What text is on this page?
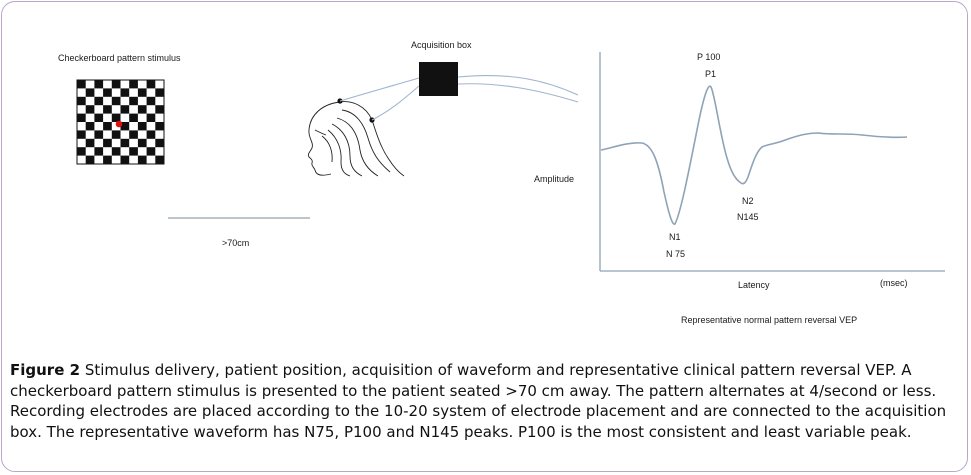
Checkerboard pattern stimulus
Acquisition box
>70cm
Amplitude
P 100
P1
N1
N 75
N2
N145
Latency	(msec)
Representative normal pattern reversal VEP
Figure 2 Stimulus delivery, patient position, acquisition of waveform and representative clinical pattern reversal VEP. A checkerboard pattern stimulus is presented to the patient seated >70 cm away. The pattern alternates at 4/second or less. Recording electrodes are placed according to the 10-20 system of electrode placement and are connected to the acquisition box. The representative waveform has N75, P100 and N145 peaks. P100 is the most consistent and least variable peak.
